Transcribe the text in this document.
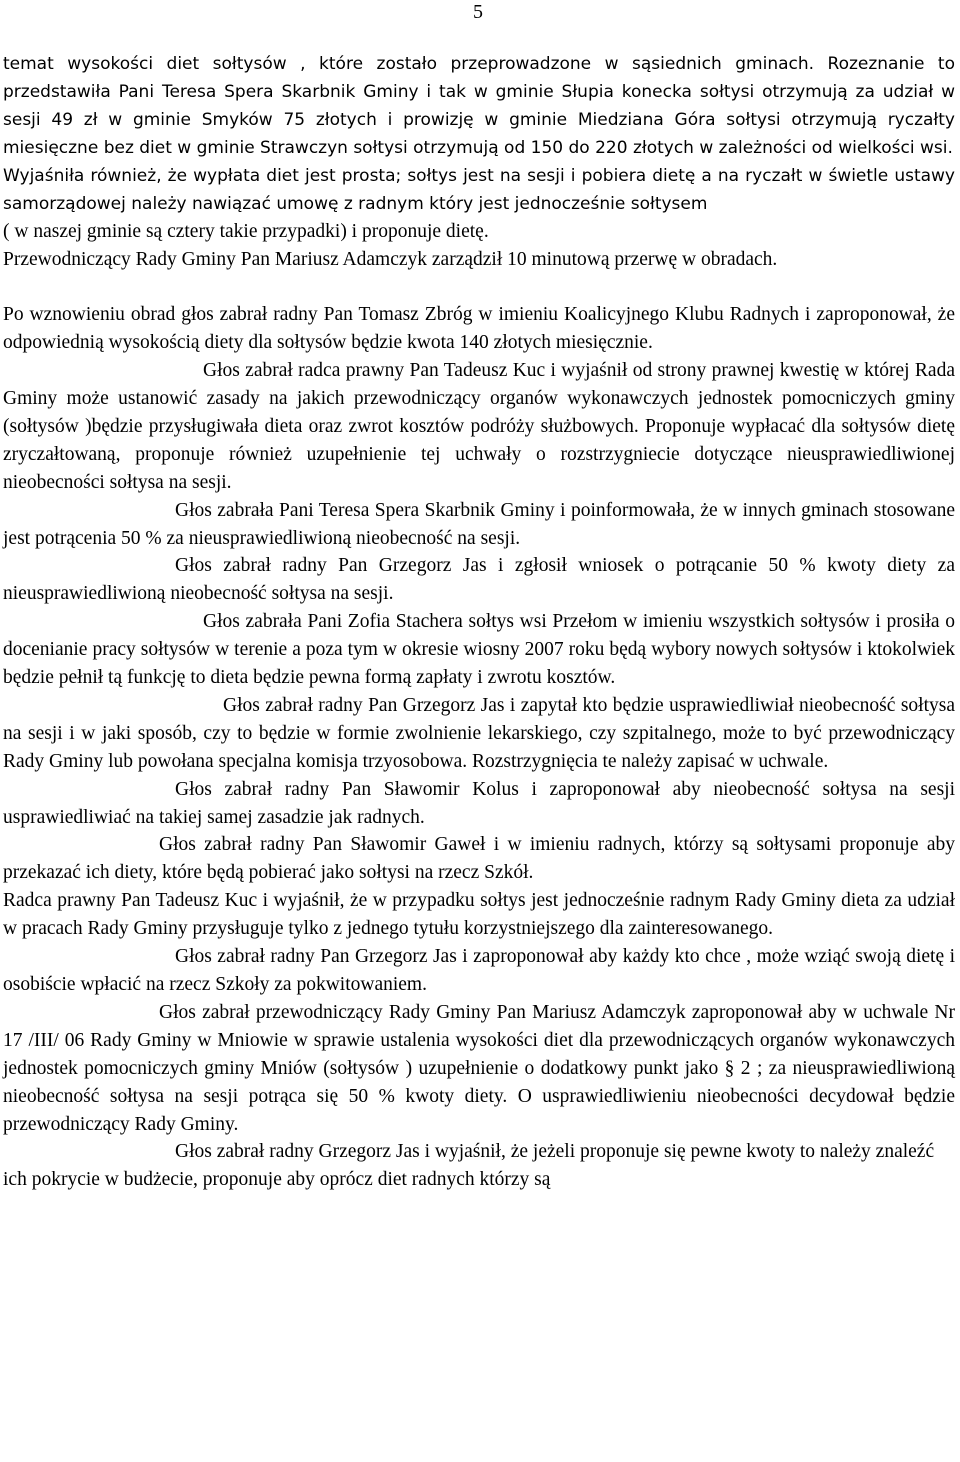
5

temat wysokości diet sołtysów , które zostało przeprowadzone w sąsiednich gminach. Rozeznanie to przedstawiła Pani Teresa Spera Skarbnik Gminy i tak w gminie Słupia konecka sołtysi otrzymują za udział w sesji 49 zł w gminie Smyków 75 złotych i prowizję w gminie Miedziana Góra sołtysi otrzymują ryczałty miesięczne bez diet w gminie Strawczyn sołtysi otrzymują od 150 do 220 złotych w zależności od wielkości wsi.

Wyjaśniła również, że wypłata diet jest prosta; sołtys jest na sesji i pobiera dietę a na ryczałt w świetle ustawy samorządowej należy nawiązać umowę z radnym który jest jednocześnie sołtysem

( w naszej gminie są cztery takie przypadki) i proponuje dietę.

Przewodniczący Rady Gminy Pan Mariusz Adamczyk zarządził 10 minutową przerwę w obradach.

Po wznowieniu obrad głos zabrał radny Pan Tomasz Zbróg w imieniu Koalicyjnego Klubu Radnych i zaproponował, że odpowiednią wysokością diety dla sołtysów będzie kwota 140 złotych miesięcznie.

Głos zabrał radca prawny Pan Tadeusz Kuc i wyjaśnił od strony prawnej kwestię w której Rada Gminy może ustanowić zasady na jakich przewodniczący organów wykonawczych jednostek pomocniczych gminy (sołtysów )będzie przysługiwała dieta oraz zwrot kosztów podróży służbowych. Proponuje wypłacać dla sołtysów dietę zryczałtowaną, proponuje również uzupełnienie tej uchwały o rozstrzygniecie dotyczące nieusprawiedliwionej nieobecności sołtysa na sesji.

Głos zabrała Pani Teresa Spera Skarbnik Gminy i poinformowała, że w innych gminach stosowane jest potrącenia 50 % za nieusprawiedliwioną nieobecność na sesji.

Głos zabrał radny Pan Grzegorz Jas i zgłosił wniosek o potrącanie 50 % kwoty diety za nieusprawiedliwioną nieobecność sołtysa na sesji.

Głos zabrała Pani Zofia Stachera sołtys wsi Przełom w imieniu wszystkich sołtysów i prosiła o docenianie pracy sołtysów w terenie a poza tym w okresie wiosny 2007 roku będą wybory nowych sołtysów i ktokolwiek będzie pełnił tą funkcję to dieta będzie pewna formą zapłaty i zwrotu kosztów.

Głos zabrał radny Pan Grzegorz Jas i zapytał kto będzie usprawiedliwiał nieobecność sołtysa na sesji i w jaki sposób, czy to będzie w formie zwolnienie lekarskiego, czy szpitalnego, może to być przewodniczący Rady Gminy lub powołana specjalna komisja trzyosobowa. Rozstrzygnięcia te należy zapisać w uchwale.

Głos zabrał radny Pan Sławomir Kolus i zaproponował aby nieobecność sołtysa na sesji usprawiedliwiać na takiej samej zasadzie jak radnych.

Głos zabrał radny Pan Sławomir Gaweł i w imieniu radnych, którzy są sołtysami proponuje aby przekazać ich diety, które będą pobierać jako sołtysi na rzecz Szkół.

Radca prawny Pan Tadeusz Kuc i wyjaśnił, że w przypadku sołtys jest jednocześnie radnym Rady Gminy dieta za udział w pracach Rady Gminy przysługuje tylko z jednego tytułu korzystniejszego dla zainteresowanego.

Głos zabrał radny Pan Grzegorz Jas i zaproponował aby każdy kto chce , może wziąć swoją dietę i osobiście wpłacić na rzecz Szkoły za pokwitowaniem.

Głos zabrał przewodniczący Rady Gminy Pan Mariusz Adamczyk zaproponował aby w uchwale Nr 17 /III/ 06 Rady Gminy w Mniowie w sprawie ustalenia wysokości diet dla przewodniczących organów wykonawczych jednostek pomocniczych gminy Mniów (sołtysów ) uzupełnienie o dodatkowy punkt jako § 2 ; za nieusprawiedliwioną nieobecność sołtysa na sesji potrąca się 50 % kwoty diety. O usprawiedliwieniu nieobecności decydował będzie przewodniczący Rady Gminy.

Głos zabrał radny Grzegorz Jas i wyjaśnił, że jeżeli proponuje się pewne kwoty to należy znaleźć ich pokrycie w budżecie, proponuje aby oprócz diet radnych którzy są
